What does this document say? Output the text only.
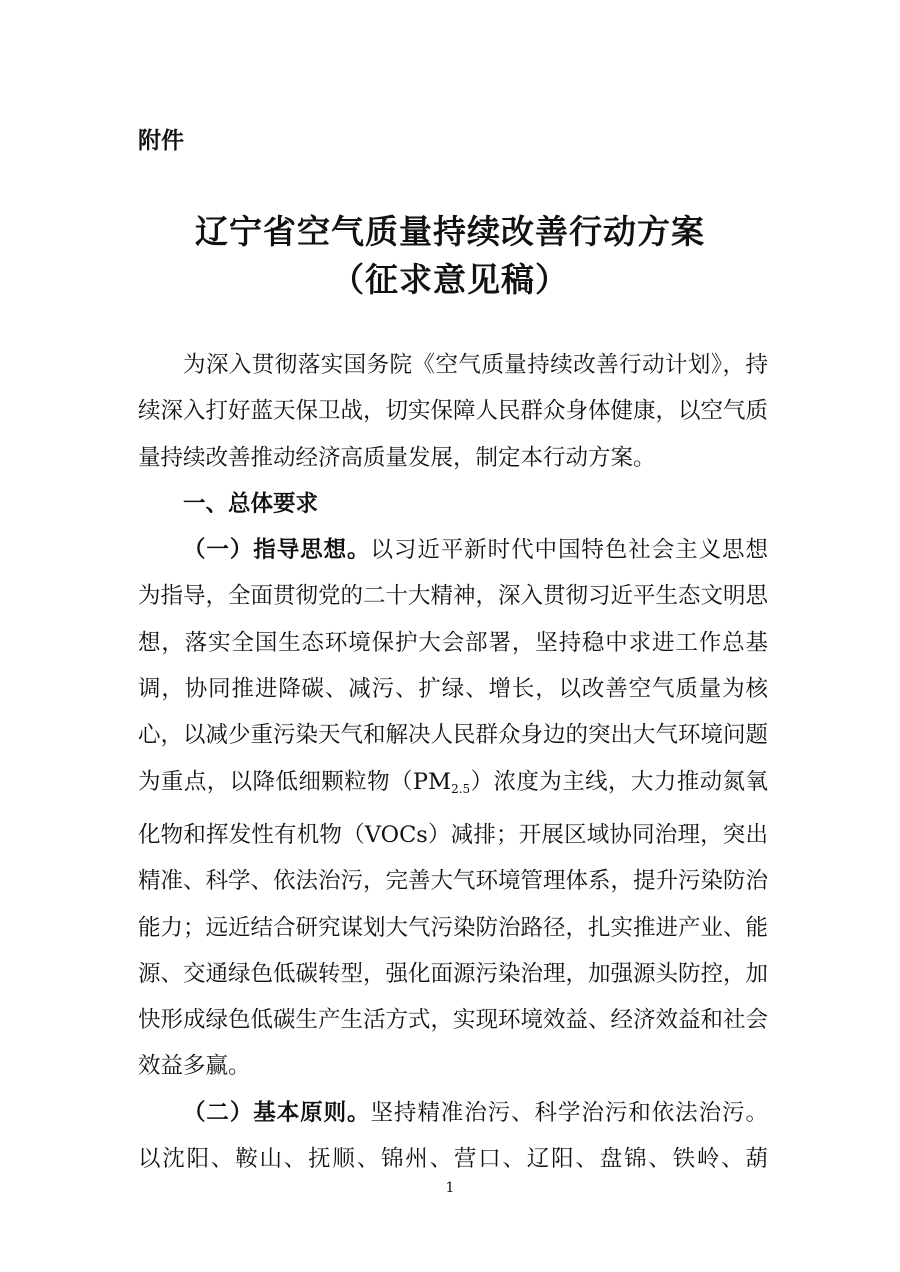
附件
辽宁省空气质量持续改善行动方案
（征求意见稿）

为深入贯彻落实国务院《空气质量持续改善行动计划》，持续深入打好蓝天保卫战，切实保障人民群众身体健康，以空气质量持续改善推动经济高质量发展，制定本行动方案。

一、总体要求

（一）指导思想。以习近平新时代中国特色社会主义思想为指导，全面贯彻党的二十大精神，深入贯彻习近平生态文明思想，落实全国生态环境保护大会部署，坚持稳中求进工作总基调，协同推进降碳、减污、扩绿、增长，以改善空气质量为核心，以减少重污染天气和解决人民群众身边的突出大气环境问题为重点，以降低细颗粒物$(PM_{2.5})$浓度为主线，大力推动氮氧化物和挥发性有机物（VOCs）减排；开展区域协同治理，突出精准、科学、依法治污，完善大气环境管理体系，提升污染防治能力；远近结合研究谋划大气污染防治路径，扎实推进产业、能源、交通绿色低碳转型，强化面源污染治理，加强源头防控，加快形成绿色低碳生产生活方式，实现环境效益、经济效益和社会效益多赢。

（二）基本原则。坚持精准治污、科学治污和依法治污。以沈阳、鞍山、抚顺、锦州、营口、辽阳、盘锦、铁岭、葫

1
